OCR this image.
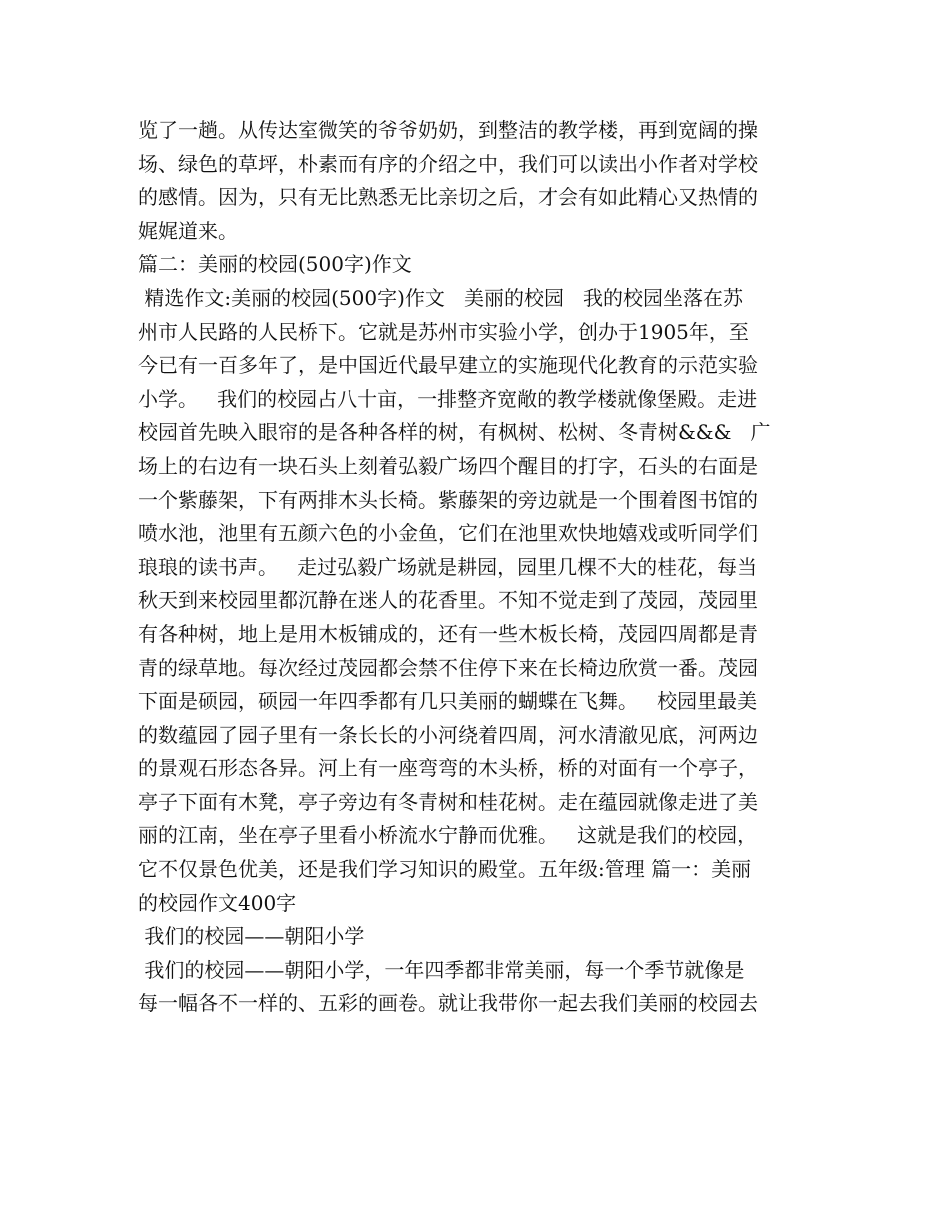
览了一趟。从传达室微笑的爷爷奶奶，到整洁的教学楼，再到宽阔的操
场、绿色的草坪，朴素而有序的介绍之中，我们可以读出小作者对学校
的感情。因为，只有无比熟悉无比亲切之后，才会有如此精心又热情的
娓娓道来。
篇二：美丽的校园(500字)作文
精选作文:美丽的校园(500字)作文   美丽的校园   我的校园坐落在苏
州市人民路的人民桥下。它就是苏州市实验小学，创办于1905年，至
今已有一百多年了，是中国近代最早建立的实施现代化教育的示范实验
小学。   我们的校园占八十亩，一排整齐宽敞的教学楼就像堡殿。走进
校园首先映入眼帘的是各种各样的树，有枫树、松树、冬青树&&&   广
场上的右边有一块石头上刻着弘毅广场四个醒目的打字，石头的右面是
一个紫藤架，下有两排木头长椅。紫藤架的旁边就是一个围着图书馆的
喷水池，池里有五颜六色的小金鱼，它们在池里欢快地嬉戏或听同学们
琅琅的读书声。   走过弘毅广场就是耕园，园里几棵不大的桂花，每当
秋天到来校园里都沉静在迷人的花香里。不知不觉走到了茂园，茂园里
有各种树，地上是用木板铺成的，还有一些木板长椅，茂园四周都是青
青的绿草地。每次经过茂园都会禁不住停下来在长椅边欣赏一番。茂园
下面是硕园，硕园一年四季都有几只美丽的蝴蝶在飞舞。   校园里最美
的数蕴园了园子里有一条长长的小河绕着四周，河水清澈见底，河两边
的景观石形态各异。河上有一座弯弯的木头桥，桥的对面有一个亭子，
亭子下面有木凳，亭子旁边有冬青树和桂花树。走在蕴园就像走进了美
丽的江南，坐在亭子里看小桥流水宁静而优雅。   这就是我们的校园，
它不仅景色优美，还是我们学习知识的殿堂。五年级:管理 篇一：美丽
的校园作文400字
我们的校园——朝阳小学
我们的校园——朝阳小学，一年四季都非常美丽，每一个季节就像是
每一幅各不一样的、五彩的画卷。就让我带你一起去我们美丽的校园去
